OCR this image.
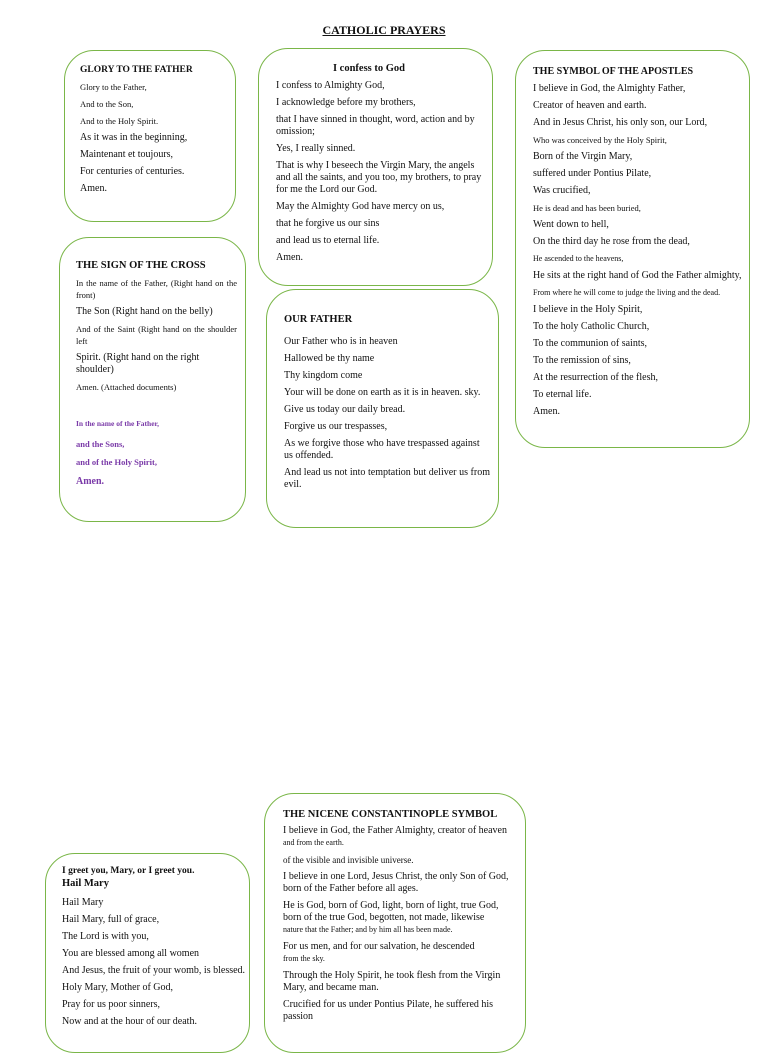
CATHOLIC PRAYERS
GLORY TO THE FATHER
Glory to the Father,
And to the Son,
And to the Holy Spirit.
As it was in the beginning,
Maintenant et toujours,
For centuries of centuries.
Amen.
I confess to God
I confess to Almighty God,
I acknowledge before my brothers,
that I have sinned in thought, word, action and by omission;
Yes, I really sinned.
That is why I beseech the Virgin Mary, the angels and all the saints, and you too, my brothers, to pray for me the Lord our God.
May the Almighty God have mercy on us,
that he forgive us our sins
and lead us to eternal life.
Amen.
THE SYMBOL OF THE APOSTLES
I believe in God, the Almighty Father,
Creator of heaven and earth.
And in Jesus Christ, his only son, our Lord,
Who was conceived by the Holy Spirit,
Born of the Virgin Mary,
suffered under Pontius Pilate,
Was crucified,
He is dead and has been buried,
Went down to hell,
On the third day he rose from the dead,
He ascended to the heavens,
He sits at the right hand of God the Father almighty,
From where he will come to judge the living and the dead.
I believe in the Holy Spirit,
To the holy Catholic Church,
To the communion of saints,
To the remission of sins,
At the resurrection of the flesh,
To eternal life.
Amen.
THE SIGN OF THE CROSS
In the name of the Father, (Right hand on the front)
The Son (Right hand on the belly)
And of the Saint (Right hand on the shoulder left
Spirit. (Right hand on the right shoulder)
Amen. (Attached documents)
In the name of the Father,
and the Sons,
and of the Holy Spirit,
Amen.
OUR FATHER
Our Father who is in heaven
Hallowed be thy name
Thy kingdom come
Your will be done on earth as it is in heaven. sky.
Give us today our daily bread.
Forgive us our trespasses,
As we forgive those who have trespassed against us offended.
And lead us not into temptation but deliver us from evil.
THE NICENE CONSTANTINOPLE SYMBOL
I believe in God, the Father Almighty, creator of heaven
and from the earth.
of the visible and invisible universe.
I believe in one Lord, Jesus Christ, the only Son of God, born of the Father before all ages.
He is God, born of God, light, born of light, true God, born of the true God, begotten, not made, likewise
nature that the Father; and by him all has been made.
For us men, and for our salvation, he descended
from the sky.
Through the Holy Spirit, he took flesh from the Virgin Mary, and became man.
Crucified for us under Pontius Pilate, he suffered his passion
I greet you, Mary, or I greet you.
Hail Mary
Hail Mary
Hail Mary, full of grace,
The Lord is with you,
You are blessed among all women
And Jesus, the fruit of your womb, is blessed.
Holy Mary, Mother of God,
Pray for us poor sinners,
Now and at the hour of our death.
